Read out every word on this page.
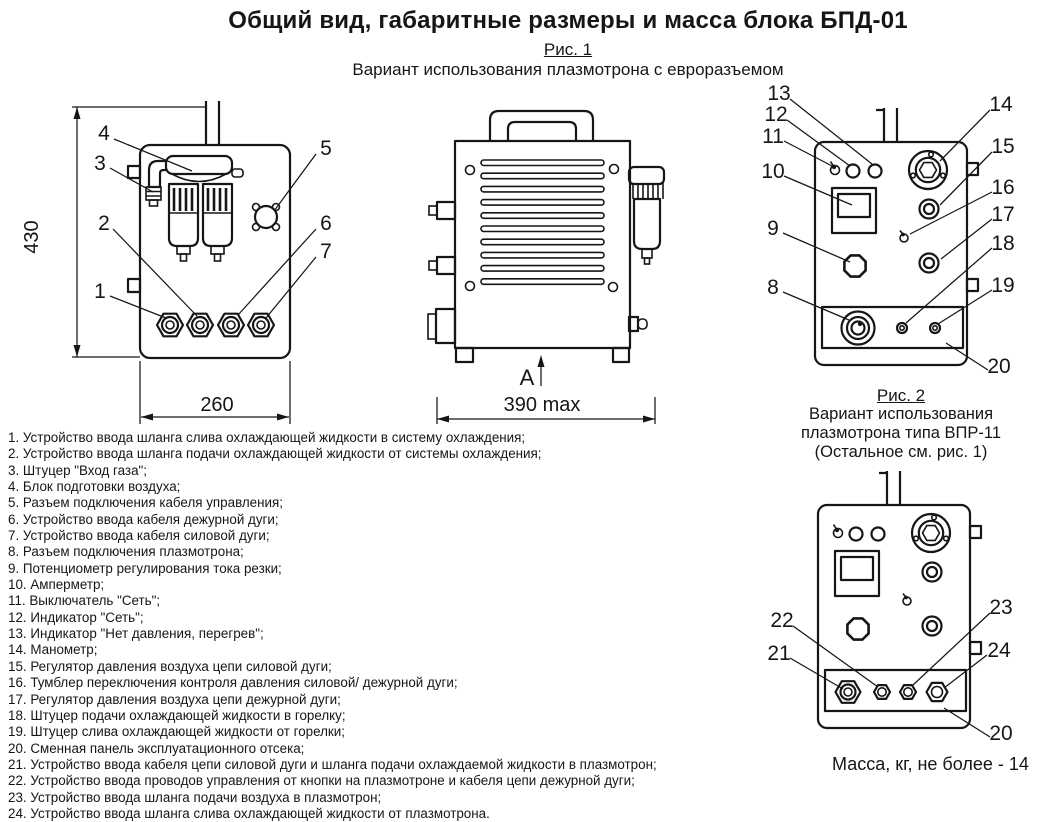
Общий вид, габаритные размеры и масса блока БПД-01
Рис. 1
Вариант использования плазмотрона с евроразъемом
430
260
1
2
3
4
5
6
7
A
390 max
13
12
11
10
9
8
14
15
16
17
18
19
20
22
21
23
24
20
1. Устройство ввода шланга слива охлаждающей жидкости в систему охлаждения;
2. Устройство ввода шланга подачи охлаждающей жидкости от системы охлаждения;
3. Штуцер "Вход газа";
4. Блок подготовки воздуха;
5. Разъем подключения кабеля управления;
6. Устройство ввода кабеля дежурной дуги;
7. Устройство ввода кабеля силовой дуги;
8. Разъем подключения плазмотрона;
9. Потенциометр регулирования тока резки;
10. Амперметр;
11. Выключатель "Сеть";
12. Индикатор "Сеть";
13. Индикатор "Нет давления, перегрев";
14. Манометр;
15. Регулятор давления воздуха цепи силовой дуги;
16. Тумблер переключения контроля давления силовой/ дежурной дуги;
17. Регулятор давления воздуха цепи дежурной дуги;
18. Штуцер подачи охлаждающей жидкости в горелку;
19. Штуцер слива охлаждающей жидкости от горелки;
20. Сменная панель эксплуатационного отсека;
21. Устройство ввода кабеля цепи силовой дуги и шланга подачи охлаждаемой жидкости в плазмотрон;
22. Устройство ввода проводов управления от кнопки на плазмотроне и кабеля цепи дежурной дуги;
23. Устройство ввода шланга подачи воздуха в плазмотрон;
24. Устройство ввода шланга слива охлаждающей жидкости от плазмотрона.
Рис. 2
Вариант использования
плазмотрона типа ВПР-11
(Остальное см. рис. 1)
Масса, кг, не более - 14
